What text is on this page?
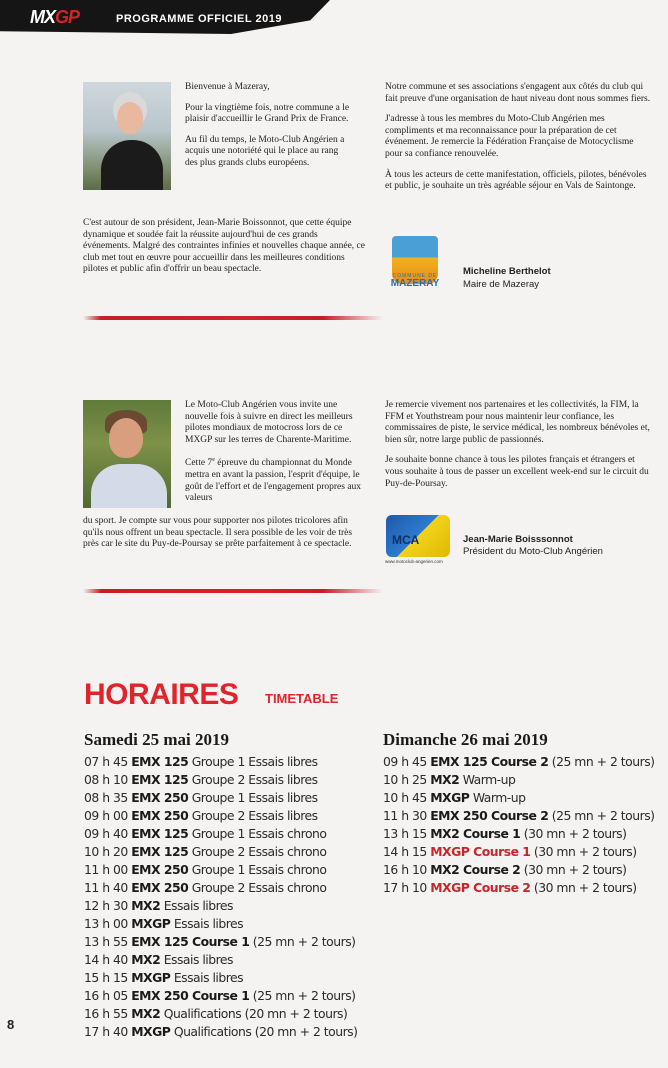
MXGP	PROGRAMME OFFICIEL 2019

Bienvenue à Mazeray,

Pour la vingtième fois, notre commune a le plaisir d'accueillir le Grand Prix de France.

Au fil du temps, le Moto-Club Angérien a acquis une notoriété qui le place au rang des plus grands clubs européens.

C'est autour de son président, Jean-Marie Boissonnot, que cette équipe dynamique et soudée fait la réussite aujourd'hui de ces grands événements. Malgré des contraintes infinies et nouvelles chaque année, ce club met tout en œuvre pour accueillir dans les meilleures conditions pilotes et public afin d'offrir un beau spectacle.

Notre commune et ses associations s'engagent aux côtés du club qui fait preuve d'une organisation de haut niveau dont nous sommes fiers.

J'adresse à tous les membres du Moto-Club Angérien mes compliments et ma reconnaissance pour la préparation de cet événement. Je remercie la Fédération Française de Motocyclisme pour sa confiance renouvelée.

À tous les acteurs de cette manifestation, officiels, pilotes, bénévoles et public, je souhaite un très agréable séjour en Vals de Saintonge.

COMMUNE DE
MAZERAY
Micheline Berthelot
Maire de Mazeray

Le Moto-Club Angérien vous invite une nouvelle fois à suivre en direct les meilleurs pilotes mondiaux de motocross lors de ce MXGP sur les terres de Charente-Maritime.

Cette 7e épreuve du championnat du Monde mettra en avant la passion, l'esprit d'équipe, le goût de l'effort et de l'engagement propres aux valeurs

du sport. Je compte sur vous pour supporter nos pilotes tricolores afin qu'ils nous offrent un beau spectacle. Il sera possible de les voir de très près car le site du Puy-de-Poursay se prête parfaitement à ce spectacle.

Je remercie vivement nos partenaires et les collectivités, la FIM, la FFM et Youthstream pour nous maintenir leur confiance, les commissaires de piste, le service médical, les nombreux bénévoles et, bien sûr, notre large public de passionnés.

Je souhaite bonne chance à tous les pilotes français et étrangers et vous souhaite à tous de passer un excellent week-end sur le circuit du Puy-de-Poursay.

MCA
www.motoclub-angerien.com
Jean-Marie Boisssonnot
Président du Moto-Club Angérien
HORAIRES TIMETABLE
Samedi 25 mai 2019
07 h 45 EMX 125 Groupe 1 Essais libres
08 h 10 EMX 125 Groupe 2 Essais libres
08 h 35 EMX 250 Groupe 1 Essais libres
09 h 00 EMX 250 Groupe 2 Essais libres
09 h 40 EMX 125 Groupe 1 Essais chrono
10 h 20 EMX 125 Groupe 2 Essais chrono
11 h 00 EMX 250 Groupe 1 Essais chrono
11 h 40 EMX 250 Groupe 2 Essais chrono
12 h 30 MX2 Essais libres
13 h 00 MXGP Essais libres
13 h 55 EMX 125 Course 1 (25 mn + 2 tours)
14 h 40 MX2 Essais libres
15 h 15 MXGP Essais libres
16 h 05 EMX 250 Course 1 (25 mn + 2 tours)
16 h 55 MX2 Qualifications (20 mn + 2 tours)
17 h 40 MXGP Qualifications (20 mn + 2 tours)
Dimanche 26 mai 2019
09 h 45 EMX 125 Course 2 (25 mn + 2 tours)
10 h 25 MX2 Warm-up
10 h 45 MXGP Warm-up
11 h 30 EMX 250 Course 2 (25 mn + 2 tours)
13 h 15 MX2 Course 1 (30 mn + 2 tours)
14 h 15 MXGP Course 1 (30 mn + 2 tours)
16 h 10 MX2 Course 2 (30 mn + 2 tours)
17 h 10 MXGP Course 2 (30 mn + 2 tours)
8
